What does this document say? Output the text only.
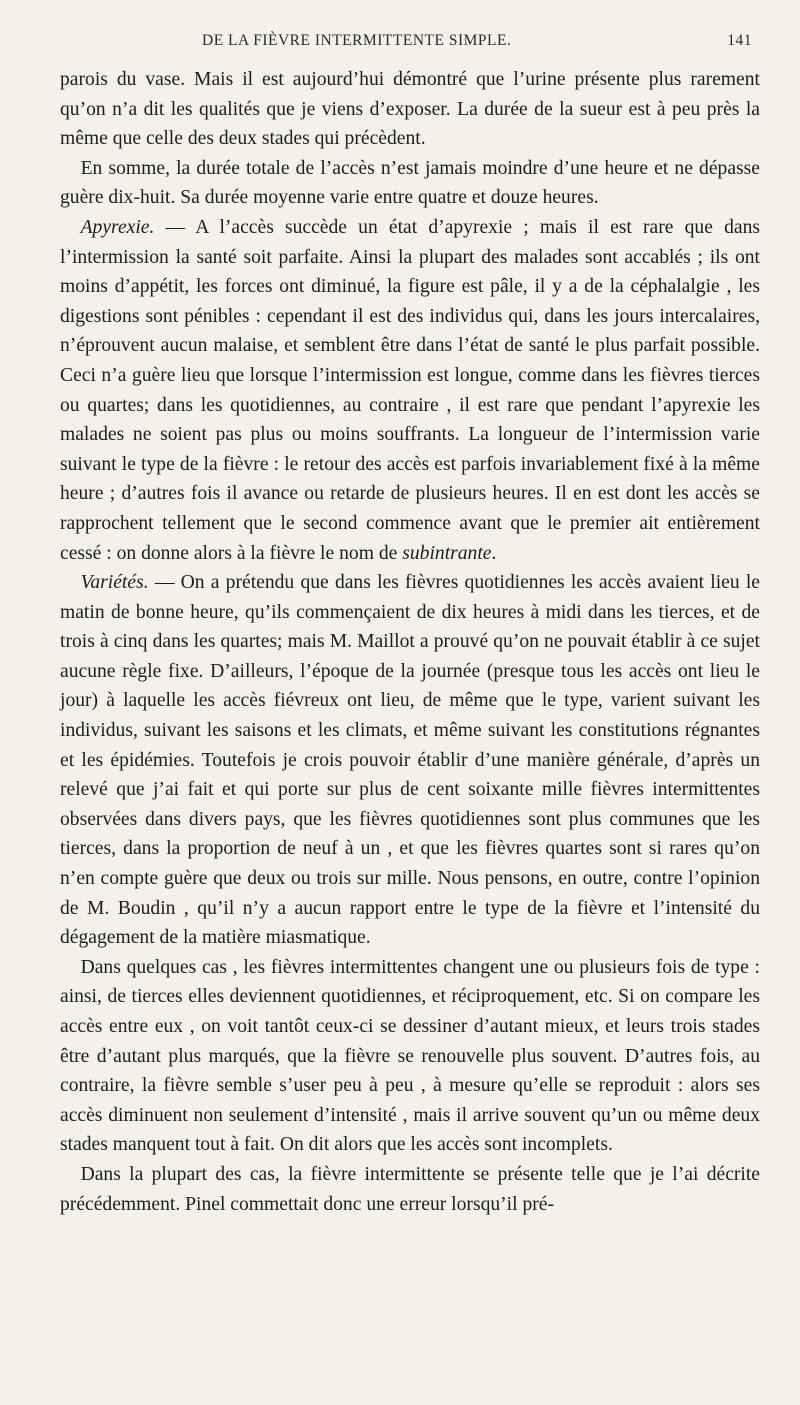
DE LA FIÈVRE INTERMITTENTE SIMPLE.	141

parois du vase. Mais il est aujourd’hui démontré que l’urine présente plus rarement qu’on n’a dit les qualités que je viens d’exposer. La durée de la sueur est à peu près la même que celle des deux stades qui précèdent.

En somme, la durée totale de l’accès n’est jamais moindre d’une heure et ne dépasse guère dix-huit. Sa durée moyenne varie entre quatre et douze heures.

Apyrexie. — A l’accès succède un état d’apyrexie ; mais il est rare que dans l’intermission la santé soit parfaite. Ainsi la plupart des malades sont accablés ; ils ont moins d’appétit, les forces ont diminué, la figure est pâle, il y a de la céphalalgie , les digestions sont pénibles : cependant il est des individus qui, dans les jours intercalaires, n’éprouvent aucun malaise, et semblent être dans l’état de santé le plus parfait possible. Ceci n’a guère lieu que lorsque l’intermission est longue, comme dans les fièvres tierces ou quartes; dans les quotidiennes, au contraire , il est rare que pendant l’apyrexie les malades ne soient pas plus ou moins souffrants. La longueur de l’intermission varie suivant le type de la fièvre : le retour des accès est parfois invariablement fixé à la même heure ; d’autres fois il avance ou retarde de plusieurs heures. Il en est dont les accès se rapprochent tellement que le second commence avant que le premier ait entièrement cessé : on donne alors à la fièvre le nom de subintrante.

Variétés. — On a prétendu que dans les fièvres quotidiennes les accès avaient lieu le matin de bonne heure, qu’ils commençaient de dix heures à midi dans les tierces, et de trois à cinq dans les quartes; mais M. Maillot a prouvé qu’on ne pouvait établir à ce sujet aucune règle fixe. D’ailleurs, l’époque de la journée (presque tous les accès ont lieu le jour) à laquelle les accès fiévreux ont lieu, de même que le type, varient suivant les individus, suivant les saisons et les climats, et même suivant les constitutions régnantes et les épidémies. Toutefois je crois pouvoir établir d’une manière générale, d’après un relevé que j’ai fait et qui porte sur plus de cent soixante mille fièvres intermittentes observées dans divers pays, que les fièvres quotidiennes sont plus communes que les tierces, dans la proportion de neuf à un , et que les fièvres quartes sont si rares qu’on n’en compte guère que deux ou trois sur mille. Nous pensons, en outre, contre l’opinion de M. Boudin , qu’il n’y a aucun rapport entre le type de la fièvre et l’intensité du dégagement de la matière miasmatique.

Dans quelques cas , les fièvres intermittentes changent une ou plusieurs fois de type : ainsi, de tierces elles deviennent quotidiennes, et réciproquement, etc. Si on compare les accès entre eux , on voit tantôt ceux-ci se dessiner d’autant mieux, et leurs trois stades être d’autant plus marqués, que la fièvre se renouvelle plus souvent. D’autres fois, au contraire, la fièvre semble s’user peu à peu , à mesure qu’elle se reproduit : alors ses accès diminuent non seulement d’intensité , mais il arrive souvent qu’un ou même deux stades manquent tout à fait. On dit alors que les accès sont incomplets.

Dans la plupart des cas, la fièvre intermittente se présente telle que je l’ai décrite précédemment. Pinel commettait donc une erreur lorsqu’il pré-
